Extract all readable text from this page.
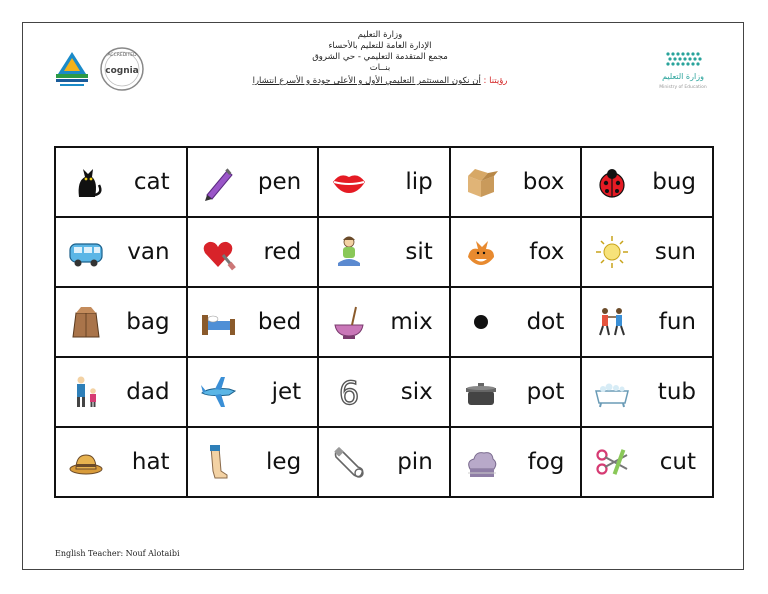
وزارة التعليم
الإدارة العامة للتعليم بالأحساء
مجمع المتقدمة التعليمي - حي الشروق
بنــات
رؤيتنا : أن نكون المستثمر التعليمي الأول و الأعلى جودة و الأسرع انتشارا
ACCREDITED
cognia
وزارة التعليم
Ministry of Education
cat	pen	lip	box	bug

van	red	sit	fox	sun

bag	bed	mix	dot	fun

dad	jet	6 six	pot	tub

hat	leg	pin	fog	cut
English Teacher: Nouf Alotaibi
